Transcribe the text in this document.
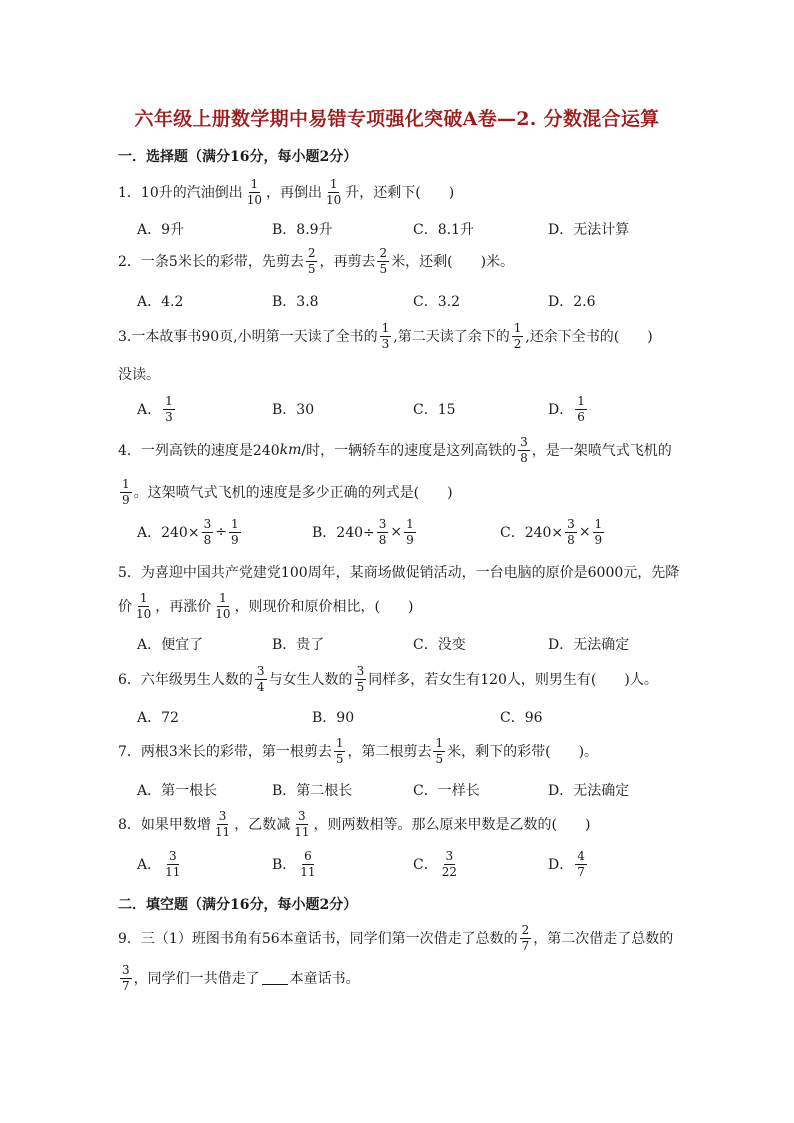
六年级上册数学期中易错专项强化突破A卷—2. 分数混合运算
一．选择题（满分16分，每小题2分）
1．10升的汽油倒出 $\frac{1}{10}$ ，再倒出 $\frac{1}{10}$ 升，还剩下(　　)
A．9升	B．8.9升	C．8.1升	D．无法计算
2．一条5米长的彩带，先剪去 $\frac{2}{5}$ ，再剪去 $\frac{2}{5}$ 米，还剩(　　)米。
A．4.2	B．3.8	C．3.2	D．2.6
3.一本故事书90页,小明第一天读了全书的 $\frac{1}{3}$ ,第二天读了余下的 $\frac{1}{2}$ ,还余下全书的(　　)
没读。
A． $\frac{1}{3}$	B．30	C．15	D． $\frac{1}{6}$
4．一列高铁的速度是240 km /时，一辆轿车的速度是这列高铁的 $\frac{3}{8}$ ，是一架喷气式飞机的
$\frac{1}{9}$ 。这架喷气式飞机的速度是多少正确的列式是(　　)
A．$240\times \frac{3}{8} \div \frac{1}{9}$	B．$240\div \frac{3}{8} \times \frac{1}{9}$	C．$240\times \frac{3}{8} \times \frac{1}{9}$
5．为喜迎中国共产党建党100周年，某商场做促销活动，一台电脑的原价是6000元，先降
价 $\frac{1}{10}$ ，再涨价 $\frac{1}{10}$ ，则现价和原价相比，(　　)
A．便宜了	B．贵了	C．没变	D．无法确定
6．六年级男生人数的 $\frac{3}{4}$ 与女生人数的 $\frac{3}{5}$ 同样多，若女生有120人，则男生有(　　)人。
A．72	B．90	C．96
7．两根3米长的彩带，第一根剪去 $\frac{1}{5}$ ，第二根剪去 $\frac{1}{5}$ 米，剩下的彩带(　　)。
A．第一根长	B．第二根长	C．一样长	D．无法确定
8．如果甲数增 $\frac{3}{11}$ ，乙数减 $\frac{3}{11}$ ，则两数相等。那么原来甲数是乙数的(　　)
A． $\frac{3}{11}$	B． $\frac{6}{11}$	C． $\frac{3}{22}$	D． $\frac{4}{7}$
二．填空题（满分16分，每小题2分）
9．三（1）班图书角有56本童话书，同学们第一次借走了总数的 $\frac{2}{7}$ ，第二次借走了总数的
$\frac{3}{7}$ ，同学们一共借走了 本童话书。
